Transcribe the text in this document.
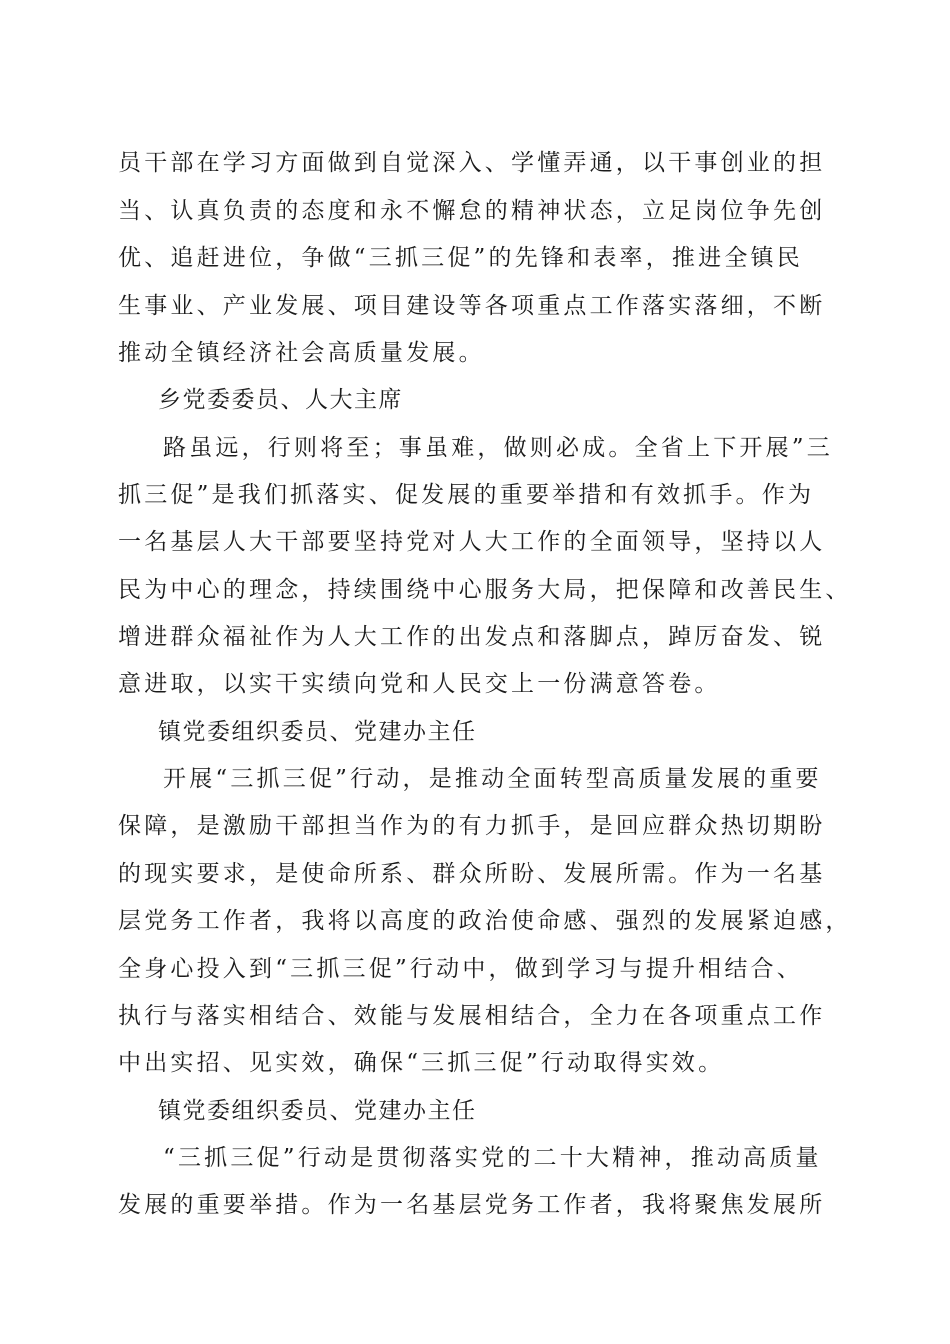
员干部在学习方面做到自觉深入、学懂弄通，以干事创业的担
当、认真负责的态度和永不懈怠的精神状态，立足岗位争先创
优、追赶进位，争做“三抓三促”的先锋和表率，推进全镇民
生事业、产业发展、项目建设等各项重点工作落实落细，不断
推动全镇经济社会高质量发展。
乡党委委员、人大主席
路虽远，行则将至；事虽难，做则必成。全省上下开展”三
抓三促”是我们抓落实、促发展的重要举措和有效抓手。作为
一名基层人大干部要坚持党对人大工作的全面领导，坚持以人
民为中心的理念，持续围绕中心服务大局，把保障和改善民生、
增进群众福祉作为人大工作的出发点和落脚点，踔厉奋发、锐
意进取，以实干实绩向党和人民交上一份满意答卷。
镇党委组织委员、党建办主任
开展“三抓三促”行动，是推动全面转型高质量发展的重要
保障，是激励干部担当作为的有力抓手，是回应群众热切期盼
的现实要求，是使命所系、群众所盼、发展所需。作为一名基
层党务工作者，我将以高度的政治使命感、强烈的发展紧迫感，
全身心投入到“三抓三促”行动中，做到学习与提升相结合、
执行与落实相结合、效能与发展相结合，全力在各项重点工作
中出实招、见实效，确保“三抓三促”行动取得实效。
镇党委组织委员、党建办主任
“三抓三促”行动是贯彻落实党的二十大精神，推动高质量
发展的重要举措。作为一名基层党务工作者，我将聚焦发展所
